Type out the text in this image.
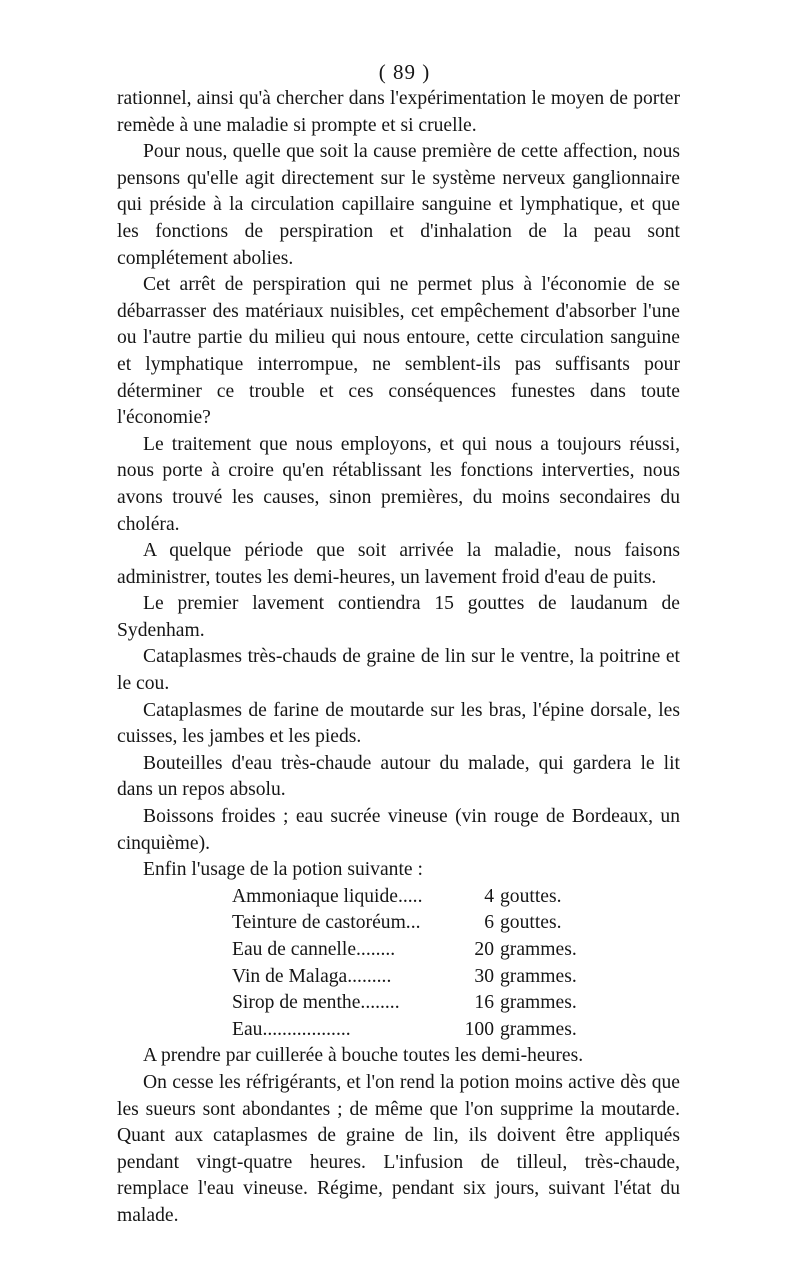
( 89 )

rationnel, ainsi qu'à chercher dans l'expérimentation le moyen de porter remède à une maladie si prompte et si cruelle.

Pour nous, quelle que soit la cause première de cette affection, nous pensons qu'elle agit directement sur le système nerveux ganglionnaire qui préside à la circulation capillaire sanguine et lymphatique, et que les fonctions de perspiration et d'inhalation de la peau sont complétement abolies.

Cet arrêt de perspiration qui ne permet plus à l'économie de se débarrasser des matériaux nuisibles, cet empêchement d'absorber l'une ou l'autre partie du milieu qui nous entoure, cette circulation sanguine et lymphatique interrompue, ne semblent-ils pas suffisants pour déterminer ce trouble et ces conséquences funestes dans toute l'économie?

Le traitement que nous employons, et qui nous a toujours réussi, nous porte à croire qu'en rétablissant les fonctions interverties, nous avons trouvé les causes, sinon premières, du moins secondaires du choléra.

A quelque période que soit arrivée la maladie, nous faisons administrer, toutes les demi-heures, un lavement froid d'eau de puits.

Le premier lavement contiendra 15 gouttes de laudanum de Sydenham.

Cataplasmes très-chauds de graine de lin sur le ventre, la poitrine et le cou.

Cataplasmes de farine de moutarde sur les bras, l'épine dorsale, les cuisses, les jambes et les pieds.

Bouteilles d'eau très-chaude autour du malade, qui gardera le lit dans un repos absolu.

Boissons froides ; eau sucrée vineuse (vin rouge de Bordeaux, un cinquième).

Enfin l'usage de la potion suivante :

Ammoniaque liquide.....	4 gouttes.
Teinture de castoréum...	6 gouttes.
Eau de cannelle........	20 grammes.
Vin de Malaga.........	30 grammes.
Sirop de menthe........	16 grammes.
Eau..................	100 grammes.

A prendre par cuillerée à bouche toutes les demi-heures.

On cesse les réfrigérants, et l'on rend la potion moins active dès que les sueurs sont abondantes ; de même que l'on supprime la moutarde. Quant aux cataplasmes de graine de lin, ils doivent être appliqués pendant vingt-quatre heures. L'infusion de tilleul, très-chaude, remplace l'eau vineuse. Régime, pendant six jours, suivant l'état du malade.
